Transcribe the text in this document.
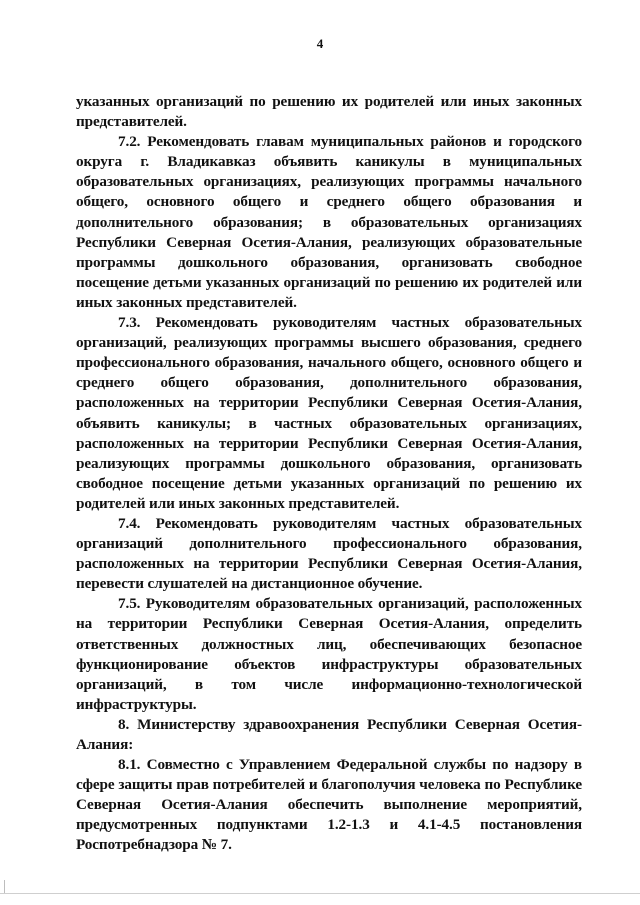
4

указанных организаций по решению их родителей или иных законных представителей.

7.2. Рекомендовать главам муниципальных районов и городского округа г. Владикавказ объявить каникулы в муниципальных образовательных организациях, реализующих программы начального общего, основного общего и среднего общего образования и дополнительного образования; в образовательных организациях Республики Северная Осетия-Алания, реализующих образовательные программы дошкольного образования, организовать свободное посещение детьми указанных организаций по решению их родителей или иных законных представителей.

7.3. Рекомендовать руководителям частных образовательных организаций, реализующих программы высшего образования, среднего профессионального образования, начального общего, основного общего и среднего общего образования, дополнительного образования, расположенных на территории Республики Северная Осетия-Алания, объявить каникулы; в частных образовательных организациях, расположенных на территории Республики Северная Осетия-Алания, реализующих программы дошкольного образования, организовать свободное посещение детьми указанных организаций по решению их родителей или иных законных представителей.

7.4. Рекомендовать руководителям частных образовательных организаций дополнительного профессионального образования, расположенных на территории Республики Северная Осетия-Алания, перевести слушателей на дистанционное обучение.

7.5. Руководителям образовательных организаций, расположенных на территории Республики Северная Осетия-Алания, определить ответственных должностных лиц, обеспечивающих безопасное функционирование объектов инфраструктуры образовательных организаций, в том числе информационно-технологической инфраструктуры.

8. Министерству здравоохранения Республики Северная Осетия-Алания:

8.1. Совместно с Управлением Федеральной службы по надзору в сфере защиты прав потребителей и благополучия человека по Республике Северная Осетия-Алания обеспечить выполнение мероприятий, предусмотренных подпунктами 1.2-1.3 и 4.1-4.5 постановления Роспотребнадзора № 7.
